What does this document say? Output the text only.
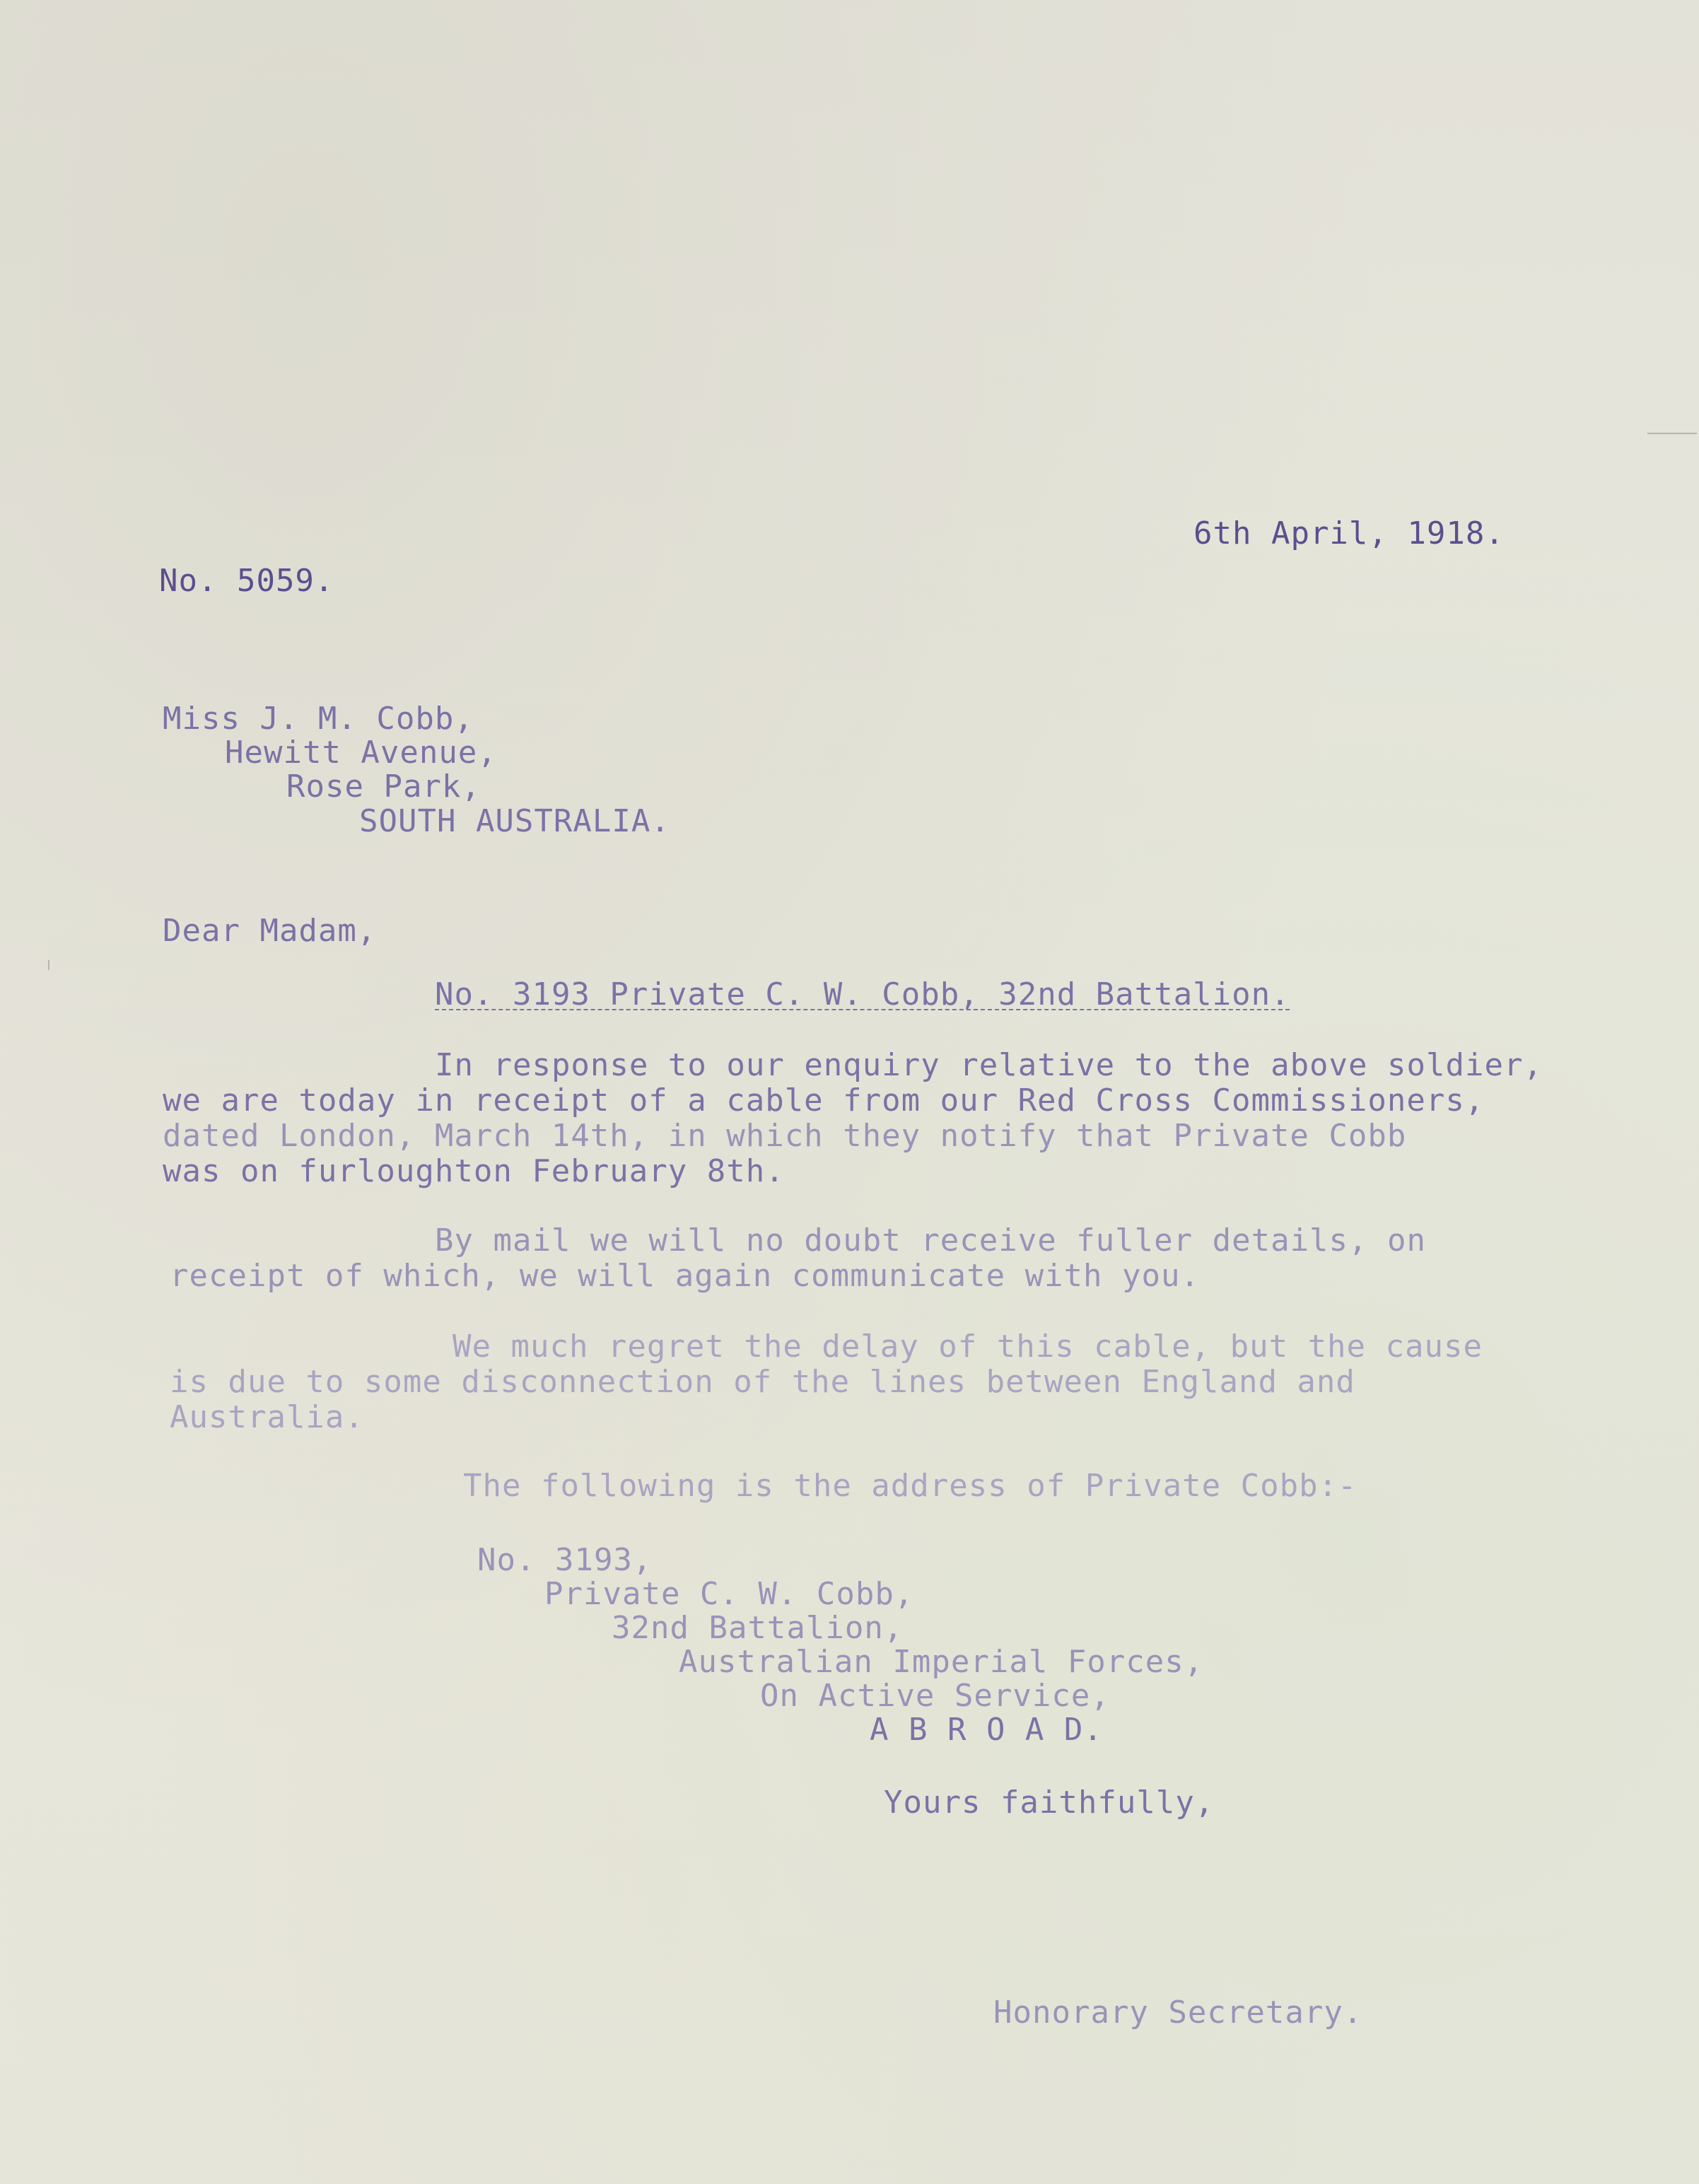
6th April, 1918.
No. 5059.
Miss J. M. Cobb,
Hewitt Avenue,
Rose Park,
SOUTH AUSTRALIA.
Dear Madam,
No. 3193 Private C. W. Cobb, 32nd Battalion.
In response to our enquiry relative to the above soldier,
we are today in receipt of a cable from our Red Cross Commissioners,
dated London, March 14th, in which they notify that Private Cobb
was on furloughton February 8th.
By mail we will no doubt receive fuller details, on
receipt of which, we will again communicate with you.
We much regret the delay of this cable, but the cause
is due to some disconnection of the lines between England and
Australia.
The following is the address of Private Cobb:-
No. 3193,
Private C. W. Cobb,
32nd Battalion,
Australian Imperial Forces,
On Active Service,
A B R O A D.
Yours faithfully,
Honorary Secretary.
